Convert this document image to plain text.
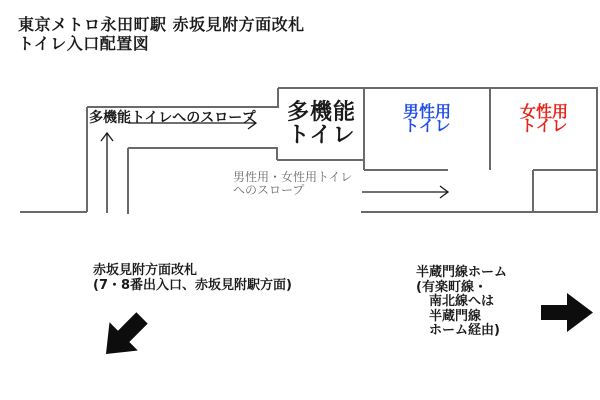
東京メトロ永田町駅 赤坂見附方面改札
トイレ入口配置図
多機能トイレへのスロープ	多機能
トイレ
男性用
トイレ
女性用
トイレ
男性用・女性用トイレ
へのスロープ
赤坂見附方面改札
(7・8番出入口、赤坂見附駅方面)
半蔵門線ホーム
(有楽町線・
　南北線へは
　半蔵門線
　ホーム経由)
